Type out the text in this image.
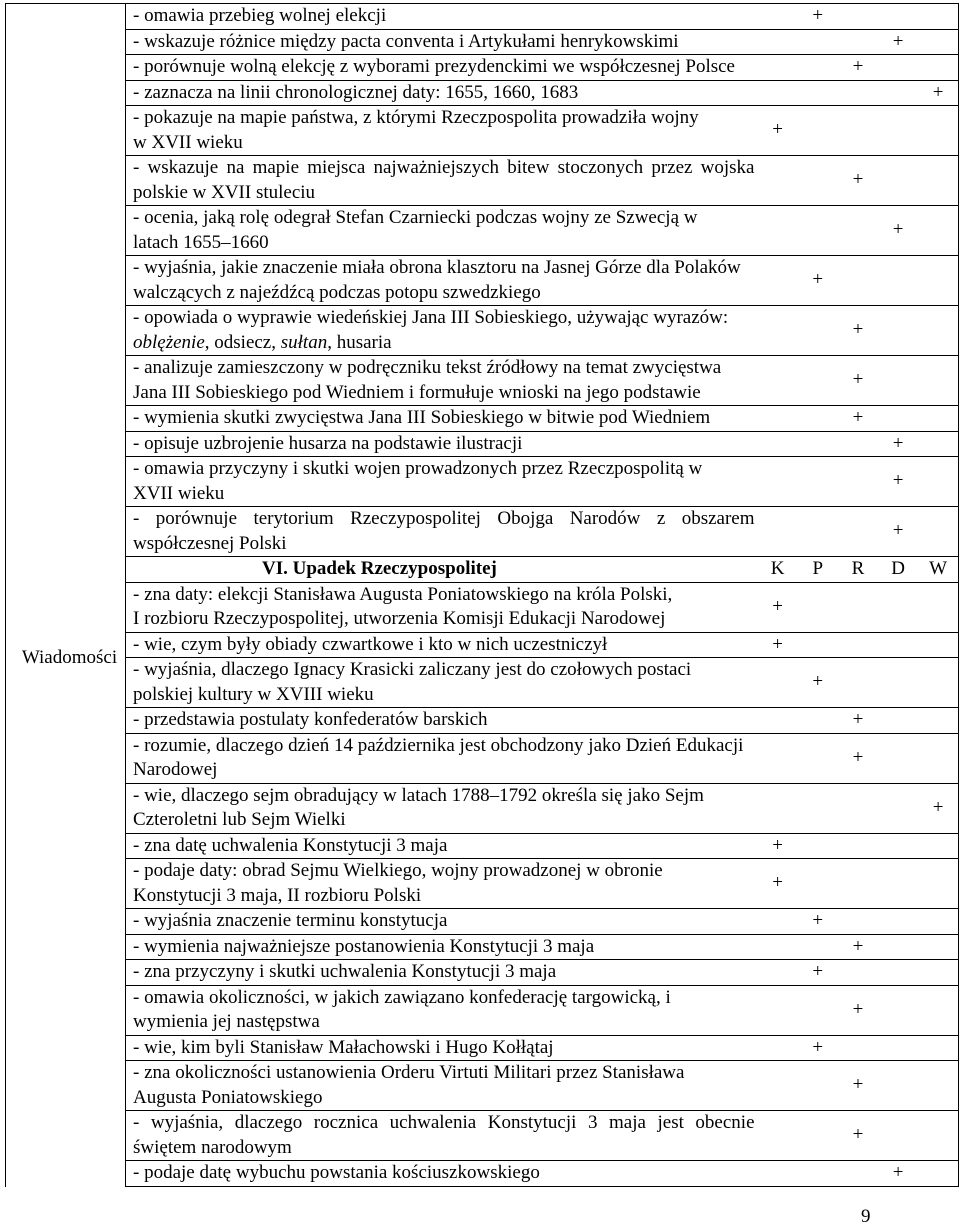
Wiadomości
- omawia przebieg wolnej elekcji		+			

- wskazuje różnice między pacta conventa i Artykułami henrykowskimi				+	

- porównuje wolną elekcję z wyborami prezydenckimi we współczesnej Polsce			+		

- zaznacza na linii chronologicznej daty: 1655, 1660, 1683					+

- pokazuje na mapie państwa, z którymi Rzeczpospolita prowadziła wojny
w XVII wieku	+				

- wskazuje na mapie miejsca najważniejszych bitew stoczonych przez wojska
polskie w XVII stuleciu			+		

- ocenia, jaką rolę odegrał Stefan Czarniecki podczas wojny ze Szwecją w
latach 1655–1660				+	

- wyjaśnia, jakie znaczenie miała obrona klasztoru na Jasnej Górze dla Polaków
walczących z najeźdźcą podczas potopu szwedzkiego		+			

- opowiada o wyprawie wiedeńskiej Jana III Sobieskiego, używając wyrazów:
oblężenie, odsiecz, sułtan, husaria			+		

- analizuje zamieszczony w podręczniku tekst źródłowy na temat zwycięstwa
Jana III Sobieskiego pod Wiedniem i formułuje wnioski na jego podstawie			+		

- wymienia skutki zwycięstwa Jana III Sobieskiego w bitwie pod Wiedniem			+		

- opisuje uzbrojenie husarza na podstawie ilustracji				+	

- omawia przyczyny i skutki wojen prowadzonych przez Rzeczpospolitą w
XVII wieku				+	

- porównuje terytorium Rzeczypospolitej Obojga Narodów z obszarem
współczesnej Polski				+	
VI. Upadek Rzeczypospolitej	K	P	R	D	W

- zna daty: elekcji Stanisława Augusta Poniatowskiego na króla Polski,
I rozbioru Rzeczypospolitej, utworzenia Komisji Edukacji Narodowej	+				

- wie, czym były obiady czwartkowe i kto w nich uczestniczył	+				

- wyjaśnia, dlaczego Ignacy Krasicki zaliczany jest do czołowych postaci
polskiej kultury w XVIII wieku		+			

- przedstawia postulaty konfederatów barskich			+		

- rozumie, dlaczego dzień 14 października jest obchodzony jako Dzień Edukacji
Narodowej			+		

- wie, dlaczego sejm obradujący w latach 1788–1792 określa się jako Sejm
Czteroletni lub Sejm Wielki					+

- zna datę uchwalenia Konstytucji 3 maja	+				

- podaje daty: obrad Sejmu Wielkiego, wojny prowadzonej w obronie
Konstytucji 3 maja, II rozbioru Polski	+				

- wyjaśnia znaczenie terminu konstytucja		+			

- wymienia najważniejsze postanowienia Konstytucji 3 maja			+		

- zna przyczyny i skutki uchwalenia Konstytucji 3 maja		+			

- omawia okoliczności, w jakich zawiązano konfederację targowicką, i
wymienia jej następstwa			+		

- wie, kim byli Stanisław Małachowski i Hugo Kołłątaj		+			

- zna okoliczności ustanowienia Orderu Virtuti Militari przez Stanisława
Augusta Poniatowskiego			+		

- wyjaśnia, dlaczego rocznica uchwalenia Konstytucji 3 maja jest obecnie
świętem narodowym			+		

- podaje datę wybuchu powstania kościuszkowskiego				+	
9
